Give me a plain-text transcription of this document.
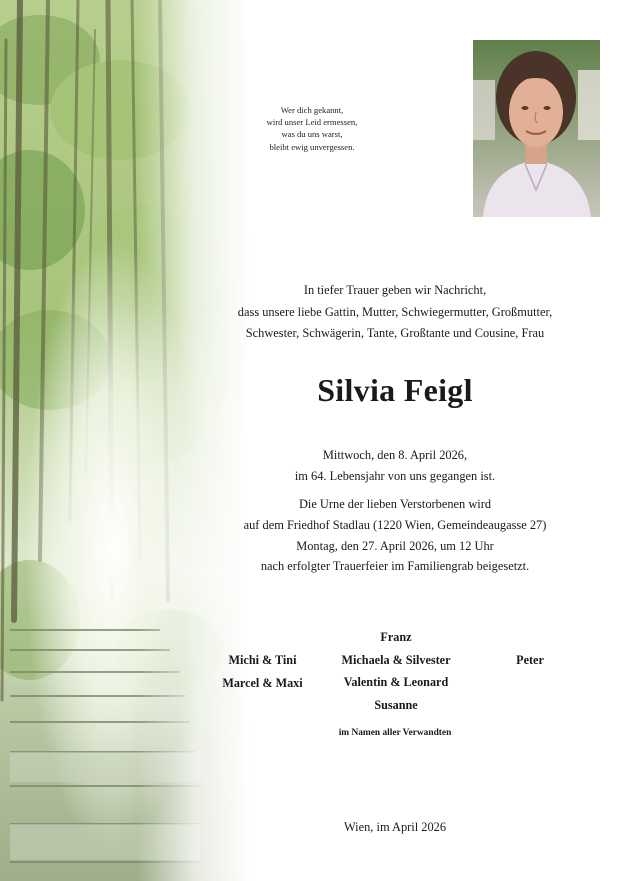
Wer dich gekannt,
wird unser Leid ermessen,
was du uns warst,
bleibt ewig unvergessen.
In tiefer Trauer geben wir Nachricht,
dass unsere liebe Gattin, Mutter, Schwiegermutter, Großmutter,
Schwester, Schwägerin, Tante, Großtante und Cousine, Frau
Silvia Feigl
Mittwoch, den 8. April 2026,
im 64. Lebensjahr von uns gegangen ist.
Die Urne der lieben Verstorbenen wird
auf dem Friedhof Stadlau (1220 Wien, Gemeindeaugasse 27)
Montag, den 27. April 2026, um 12 Uhr
nach erfolgter Trauerfeier im Familiengrab beigesetzt.
Michi & Tini
Marcel & Maxi
Franz
Michaela & Silvester
Valentin & Leonard
Susanne
Peter
im Namen aller Verwandten
Wien, im April 2026
